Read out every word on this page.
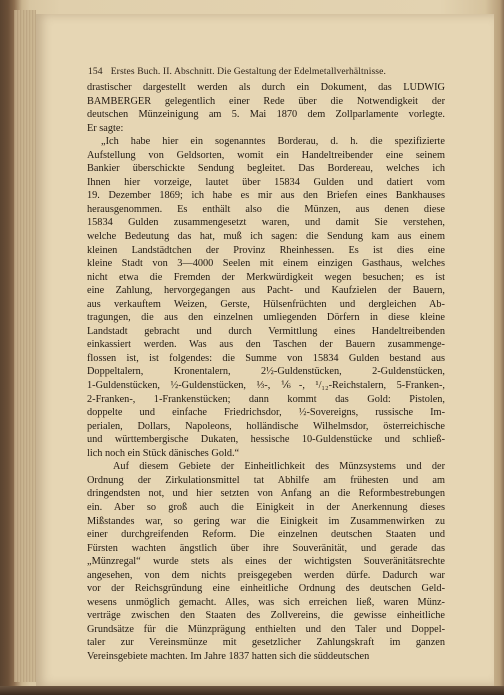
154 Erstes Buch. II. Abschnitt. Die Gestaltung der Edelmetallverhältnisse.
drastischer dargestellt werden als durch ein Dokument, das LUDWIG
BAMBERGER gelegentlich einer Rede über die Notwendigkeit der
deutschen Münzeinigung am 5. Mai 1870 dem Zollparlamente vorlegte.
Er sagte:
„Ich habe hier ein sogenanntes Borderau, d. h. die spezifizierte
Aufstellung von Geldsorten, womit ein Handeltreibender eine seinem
Bankier überschickte Sendung begleitet. Das Bordereau, welches ich
Ihnen hier vorzeige, lautet über 15834 Gulden und datiert vom
19. Dezember 1869; ich habe es mir aus den Briefen eines Bankhauses
herausgenommen. Es enthält also die Münzen, aus denen diese
15834 Gulden zusammengesetzt waren, und damit Sie verstehen,
welche Bedeutung das hat, muß ich sagen: die Sendung kam aus einem
kleinen Landstädtchen der Provinz Rheinhessen. Es ist dies eine
kleine Stadt von 3—4000 Seelen mit einem einzigen Gasthaus, welches
nicht etwa die Fremden der Merkwürdigkeit wegen besuchen; es ist
eine Zahlung, hervorgegangen aus Pacht- und Kaufzielen der Bauern,
aus verkauftem Weizen, Gerste, Hülsenfrüchten und dergleichen Ab-
tragungen, die aus den einzelnen umliegenden Dörfern in diese kleine
Landstadt gebracht und durch Vermittlung eines Handeltreibenden
einkassiert werden. Was aus den Taschen der Bauern zusammenge-
flossen ist, ist folgendes: die Summe von 15834 Gulden bestand aus
Doppeltalern, Kronentalern, 2½-Guldenstücken, 2-Guldenstücken,
1-Guldenstücken, ½-Guldenstücken, ⅓-, ⅙-, ¹/₁₂-Reichstalern, 5-Franken-,
2-Franken-, 1-Frankenstücken; dann kommt das Gold: Pistolen,
doppelte und einfache Friedrichsdor, ½-Sovereigns, russische Im-
perialen, Dollars, Napoleons, holländische Wilhelmsdor, österreichische
und württembergische Dukaten, hessische 10-Guldenstücke und schließ-
lich noch ein Stück dänisches Gold.“
Auf diesem Gebiete der Einheitlichkeit des Münzsystems und der
Ordnung der Zirkulationsmittel tat Abhilfe am frühesten und am
dringendsten not, und hier setzten von Anfang an die Reformbestrebungen
ein. Aber so groß auch die Einigkeit in der Anerkennung dieses
Mißstandes war, so gering war die Einigkeit im Zusammenwirken zu
einer durchgreifenden Reform. Die einzelnen deutschen Staaten und
Fürsten wachten ängstlich über ihre Souveränität, und gerade das
„Münzregal“ wurde stets als eines der wichtigsten Souveränitätsrechte
angesehen, von dem nichts preisgegeben werden dürfe. Dadurch war
vor der Reichsgründung eine einheitliche Ordnung des deutschen Geld-
wesens unmöglich gemacht. Alles, was sich erreichen ließ, waren Münz-
verträge zwischen den Staaten des Zollvereins, die gewisse einheitliche
Grundsätze für die Münzprägung enthielten und den Taler und Doppel-
taler zur Vereinsmünze mit gesetzlicher Zahlungskraft im ganzen
Vereinsgebiete machten. Im Jahre 1837 hatten sich die süddeutschen
